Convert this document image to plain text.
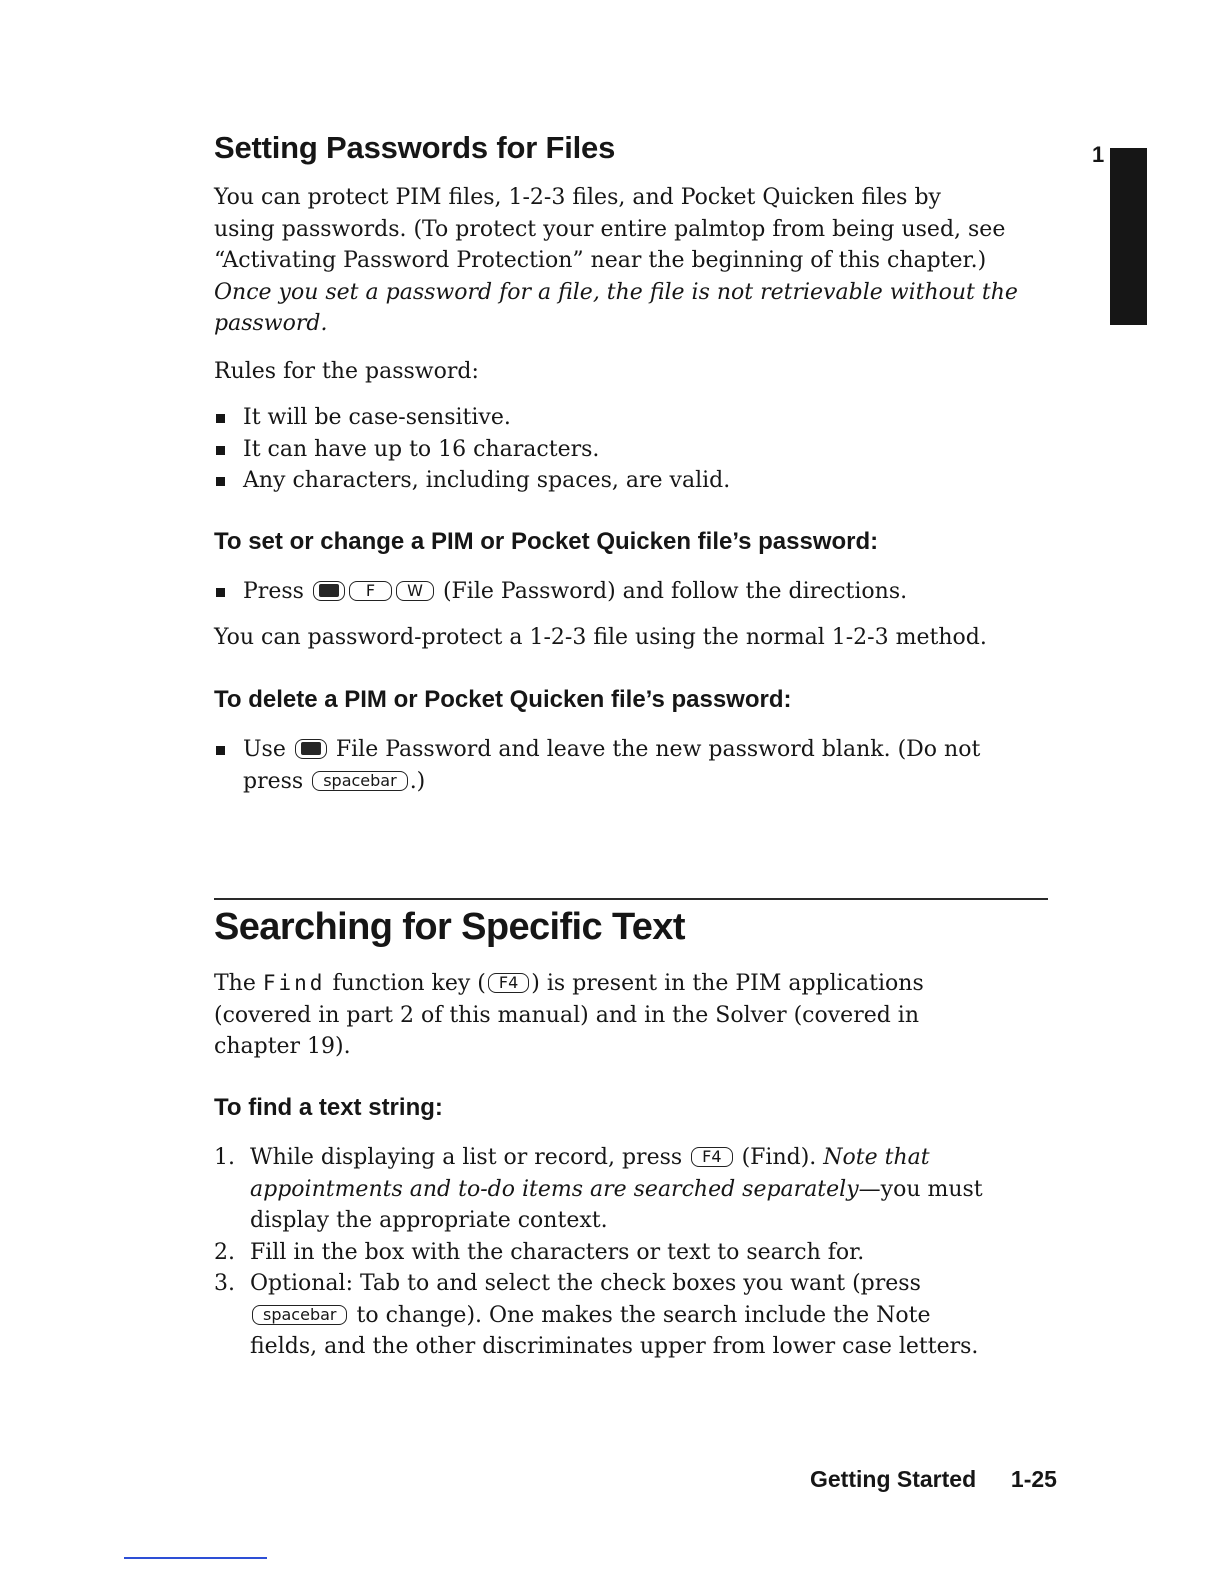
1
Setting Passwords for Files

You can protect PIM files, 1-2-3 files, and Pocket Quicken files by

using passwords. (To protect your entire palmtop from being used, see

“Activating Password Protection” near the beginning of this chapter.)

Once you set a password for a file, the file is not retrievable without the

password.

Rules for the password:

It will be case-sensitive.

It can have up to 16 characters.

Any characters, including spaces, are valid.

To set or change a PIM or Pocket Quicken file’s password:

Press	F W (File Password) and follow the directions.

You can password-protect a 1-2-3 file using the normal 1-2-3 method.

To delete a PIM or Pocket Quicken file’s password:

Use File Password and leave the new password blank. (Do not

press spacebar .)

Searching for Specific Text

The Find function key ( F4 ) is present in the PIM applications

(covered in part 2 of this manual) and in the Solver (covered in

chapter 19).

To find a text string:
1. While displaying a list or record, press F4 (Find). Note that

appointments and to-do items are searched separately—you must

display the appropriate context.

2. Fill in the box with the characters or text to search for.

3. Optional: Tab to and select the check boxes you want (press

spacebar to change). One makes the search include the Note

fields, and the other discriminates upper from lower case letters.

Getting Started 1-25
